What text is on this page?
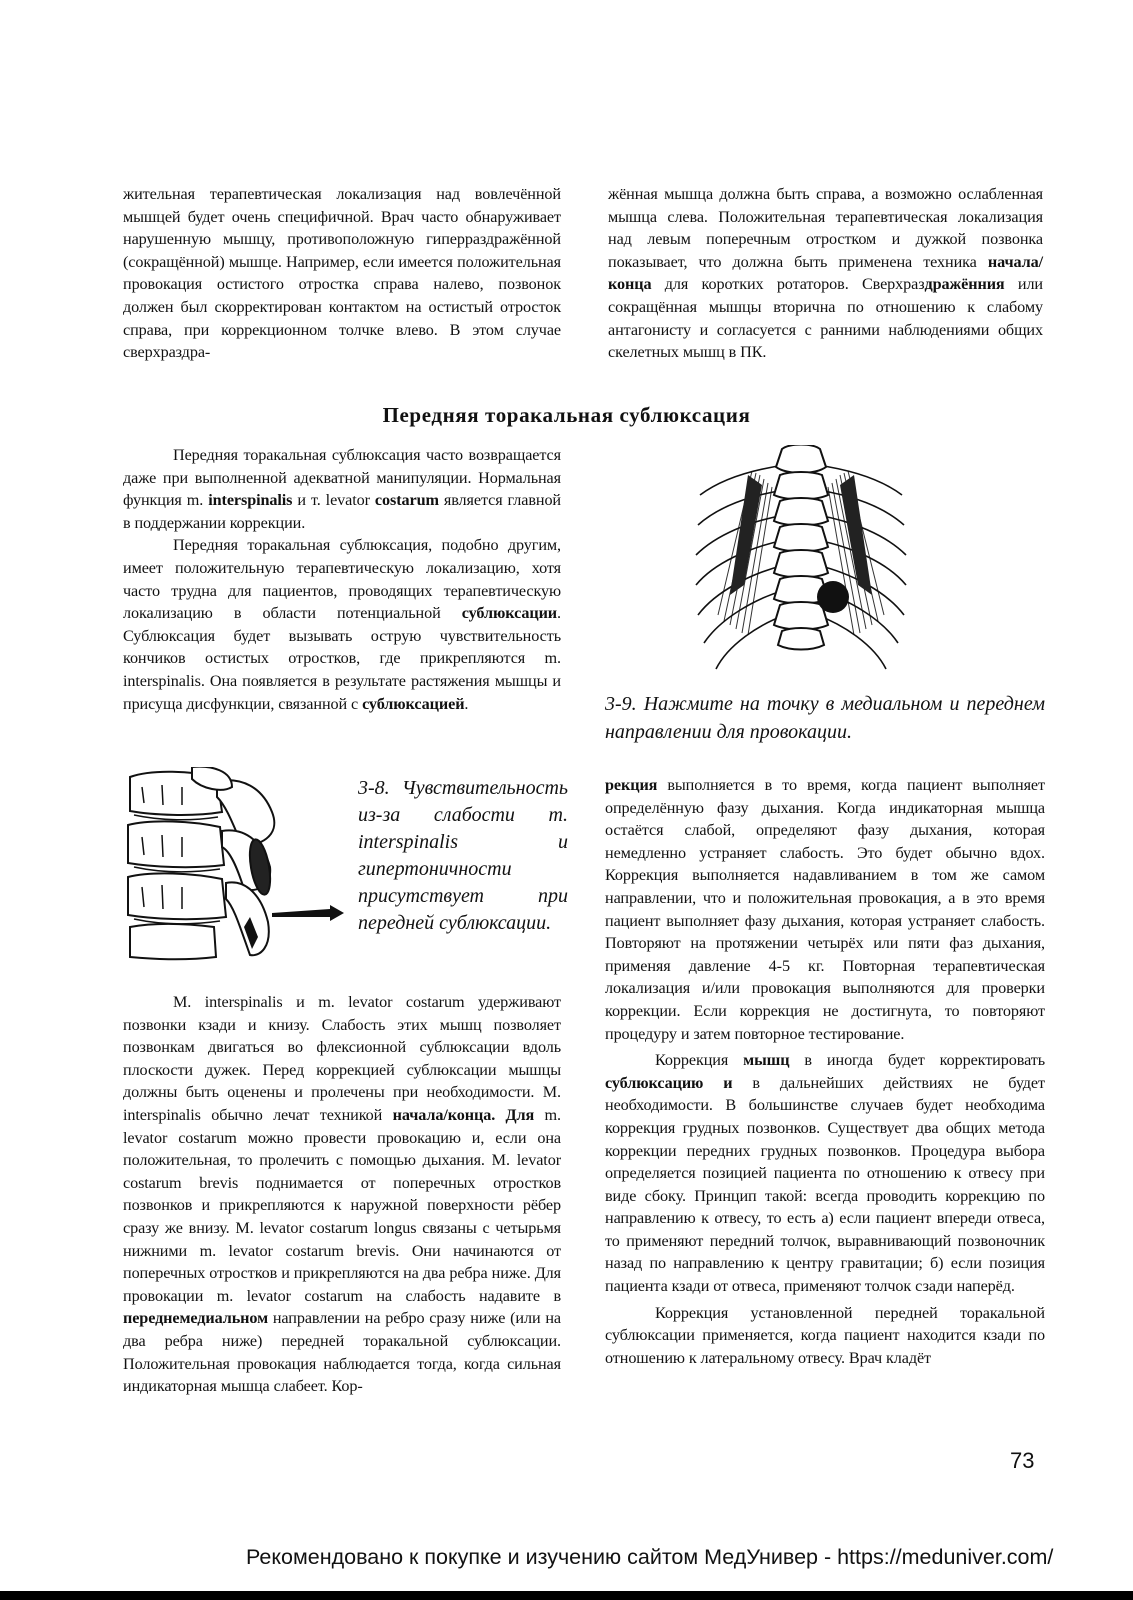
жительная терапевтическая локализация над вовлечённой мышцей будет очень специфичной. Врач часто обнаруживает нарушенную мышцу, противоположную гиперраздражённой (сокращённой) мышце. Например, если имеется положительная провокация остистого отростка справа налево, позвонок должен был скорректирован контактом на остистый отросток справа, при коррекционном толчке влево. В этом случае сверхраздра-

жённая мышца должна быть справа, а возможно ослабленная мышца слева. Положительная терапевтическая локализация над левым поперечным отростком и дужкой позвонка показывает, что должна быть применена техника начала/конца для коротких ротаторов. Сверхраздражённия или сокращённая мышцы вторична по отношению к слабому антагонисту и согласуется с ранними наблюдениями общих скелетных мышц в ПК.

Передняя торакальная сублюксация

Передняя торакальная сублюксация часто возвращается даже при выполненной адекватной манипуляции. Нормальная функция m. interspinalis и т. levator costarum является главной в поддержании коррекции.

Передняя торакальная сублюксация, подобно другим, имеет положительную терапевтическую локализацию, хотя часто трудна для пациентов, проводящих терапевтическую локализацию в области потенциальной сублюксации. Сублюксация будет вызывать острую чувствительность кончиков остистых отростков, где прикрепляются m. interspinalis. Она появляется в результате растяжения мышцы и присуща дисфункции, связанной с сублюксацией.

3-8. Чувствительность из-за слабости m. interspinalis и гипертоничности присутствует при передней сублюксации.

M. interspinalis и m. levator costarum удерживают позвонки кзади и книзу. Слабость этих мышц позволяет позвонкам двигаться во флексионной сублюксации вдоль плоскости дужек. Перед коррекцией сублюксации мышцы должны быть оценены и пролечены при необходимости. M. interspinalis обычно лечат техникой начала/конца. Для m. levator costarum можно провести провокацию и, если она положительная, то пролечить с помощью дыхания. M. levator costarum brevis поднимается от поперечных отростков позвонков и прикрепляются к наружной поверхности рёбер сразу же внизу. M. levator costarum longus связаны с четырьмя нижними m. levator costarum brevis. Они начинаются от поперечных отростков и прикрепляются на два ребра ниже. Для провокации m. levator costarum на слабость надавите в переднемедиальном направлении на ребро сразу ниже (или на два ребра ниже) передней торакальной сублюксации. Положительная провокация наблюдается тогда, когда сильная индикаторная мышца слабеет. Кор-

3-9. Нажмите на точку в медиальном и переднем направлении для провокации.

рекция выполняется в то время, когда пациент выполняет определённую фазу дыхания. Когда индикаторная мышца остаётся слабой, определяют фазу дыхания, которая немедленно устраняет слабость. Это будет обычно вдох. Коррекция выполняется надавливанием в том же самом направлении, что и положительная провокация, а в это время пациент выполняет фазу дыхания, которая устраняет слабость. Повторяют на протяжении четырёх или пяти фаз дыхания, применяя давление 4-5 кг. Повторная терапевтическая локализация и/или провокация выполняются для проверки коррекции. Если коррекция не достигнута, то повторяют процедуру и затем повторное тестирование.

Коррекция мышц в иногда будет корректировать сублюксацию и в дальнейших действиях не будет необходимости. В большинстве случаев будет необходима коррекция грудных позвонков. Существует два общих метода коррекции передних грудных позвонков. Процедура выбора определяется позицией пациента по отношению к отвесу при виде сбоку. Принцип такой: всегда проводить коррекцию по направлению к отвесу, то есть а) если пациент впереди отвеса, то применяют передний толчок, выравнивающий позвоночник назад по направлению к центру гравитации; б) если позиция пациента кзади от отвеса, применяют толчок сзади наперёд.

Коррекция установленной передней торакальной сублюксации применяется, когда пациент находится кзади по отношению к латеральному отвесу. Врач кладёт

73
Рекомендовано к покупке и изучению сайтом МедУнивер - https://meduniver.com/
